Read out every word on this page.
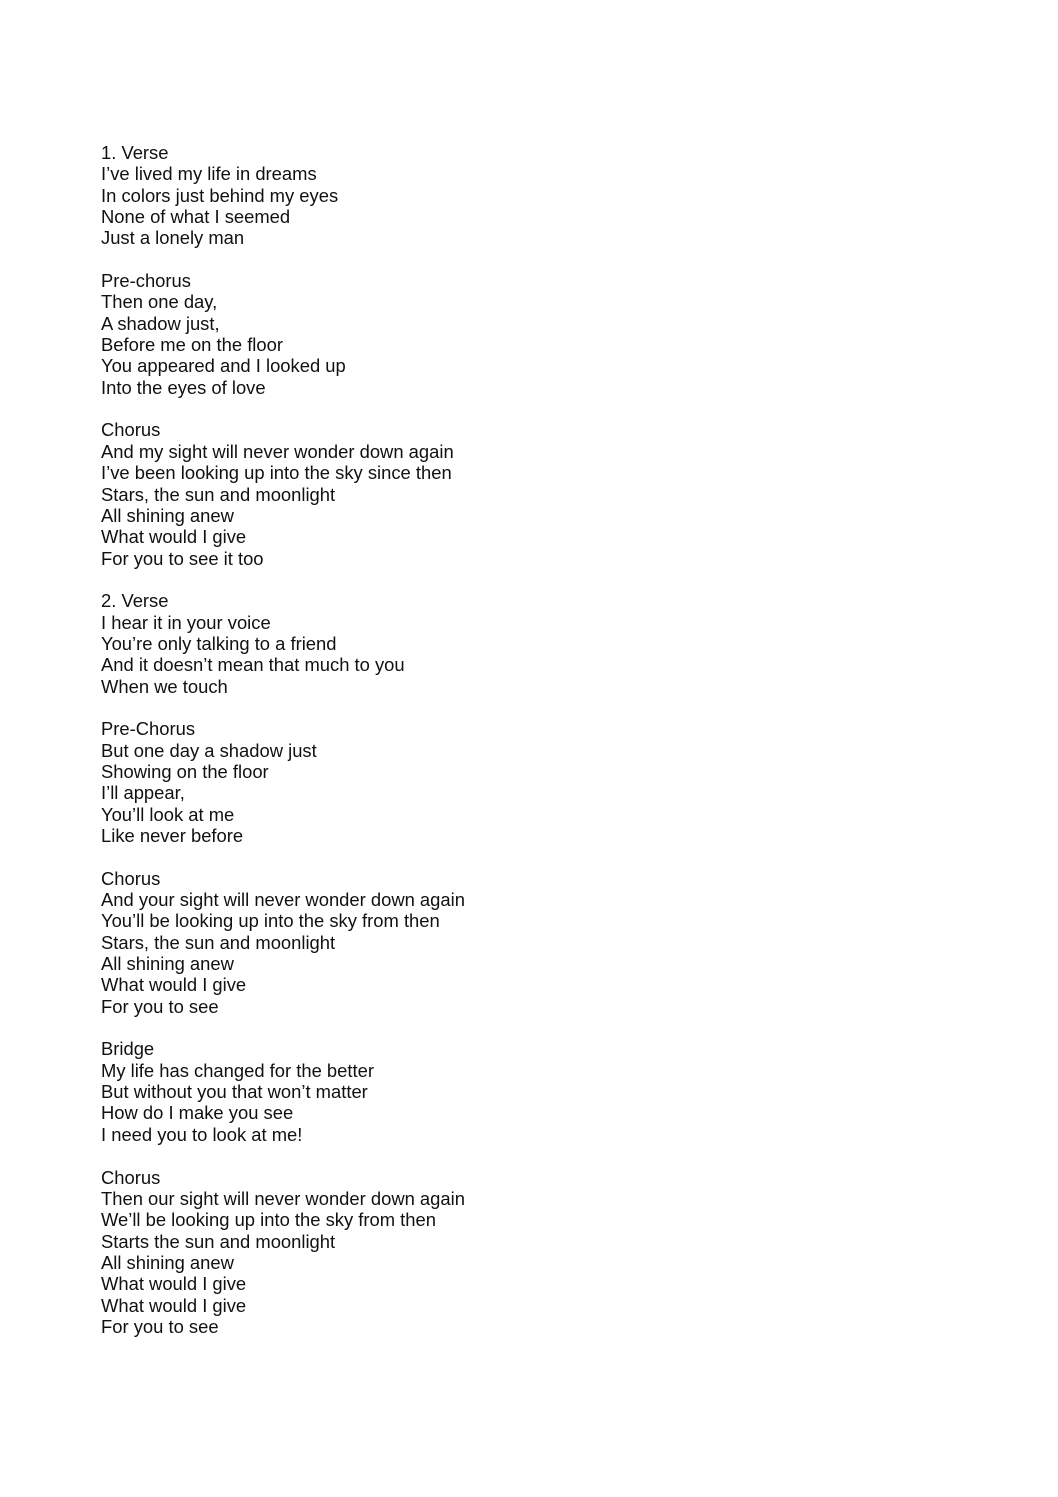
1. Verse
I’ve lived my life in dreams
In colors just behind my eyes
None of what I seemed
Just a lonely man
Pre-chorus
Then one day,
A shadow just,
Before me on the floor
You appeared and I looked up
Into the eyes of love
Chorus
And my sight will never wonder down again
I’ve been looking up into the sky since then
Stars, the sun and moonlight
All shining anew
What would I give
For you to see it too
2. Verse
I hear it in your voice
You’re only talking to a friend
And it doesn’t mean that much to you
When we touch
Pre-Chorus
But one day a shadow just
Showing on the floor
I’ll appear,
You’ll look at me
Like never before
Chorus
And your sight will never wonder down again
You’ll be looking up into the sky from then
Stars, the sun and moonlight
All shining anew
What would I give
For you to see
Bridge
My life has changed for the better
But without you that won’t matter
How do I make you see
I need you to look at me!
Chorus
Then our sight will never wonder down again
We’ll be looking up into the sky from then
Starts the sun and moonlight
All shining anew
What would I give
What would I give
For you to see
